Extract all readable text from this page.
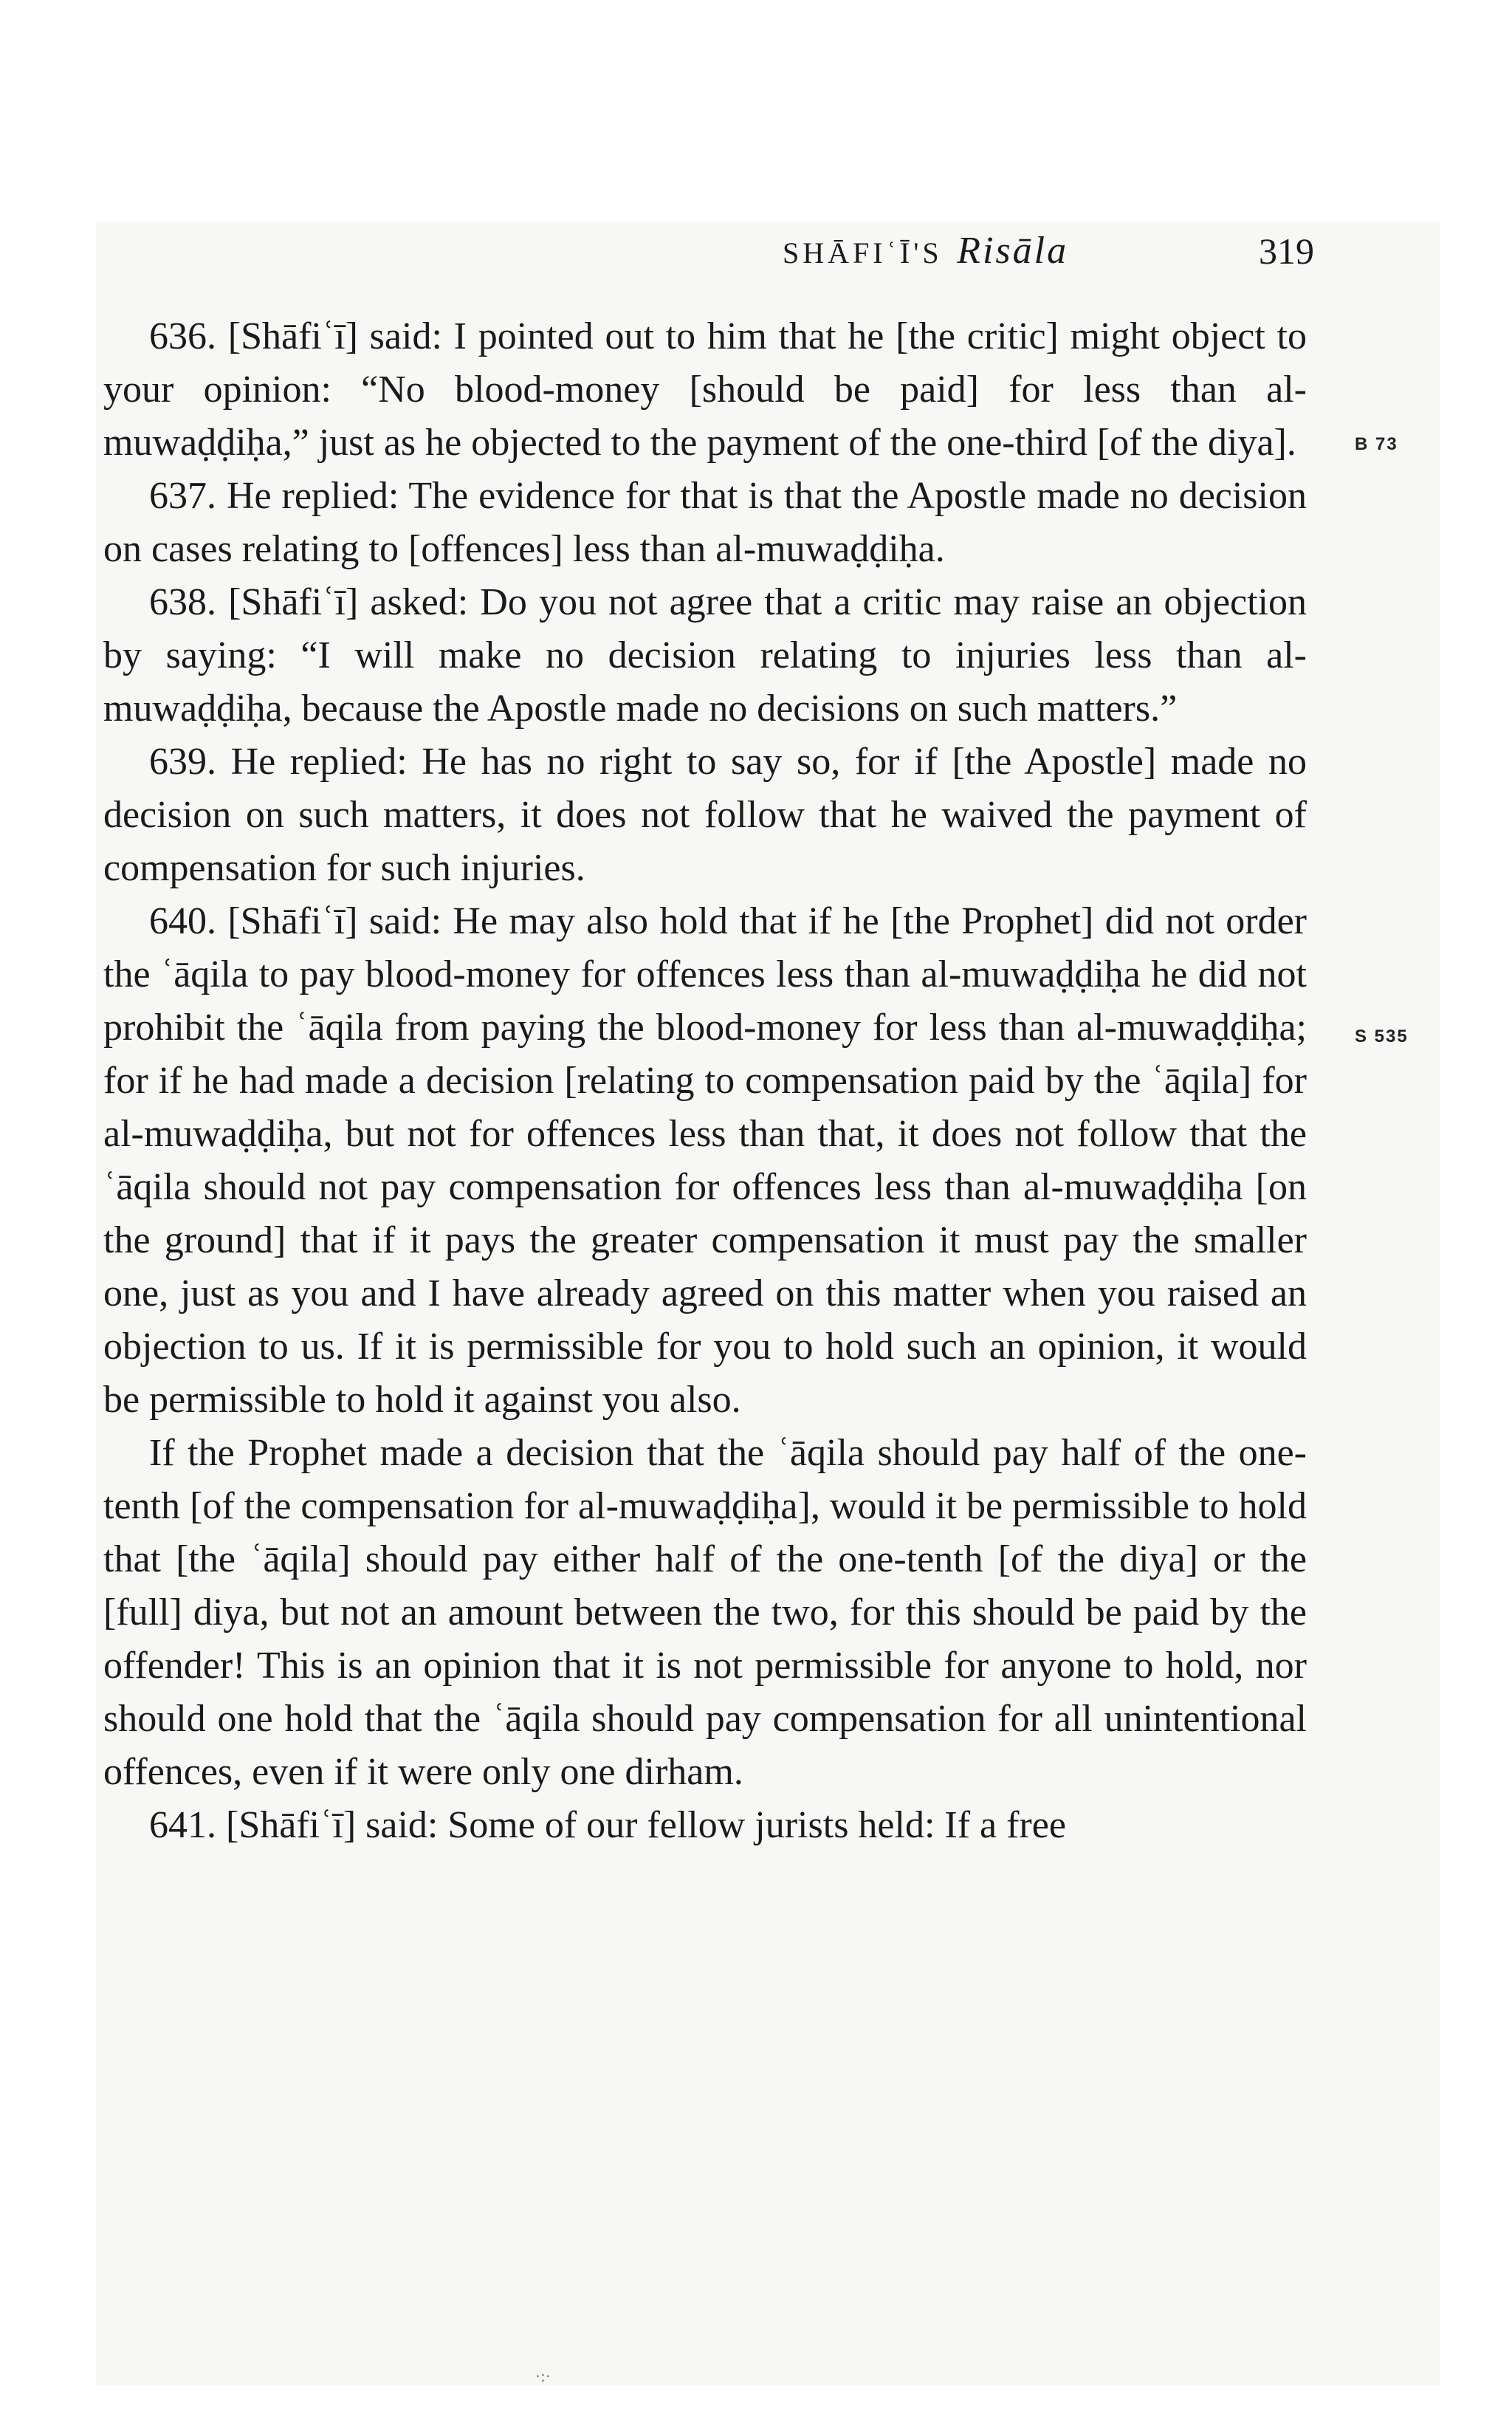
SHĀFIʿĪ'S Risāla	319

636. [Shāfiʿī] said: I pointed out to him that he [the critic] might object to your opinion: “No blood-money [should be paid] for less than al-muwaḍḍiḥa,” just as he objected to the payment of the one-third [of the diya].

637. He replied: The evidence for that is that the Apostle made no decision on cases relating to [offences] less than al-muwaḍḍiḥa.

638. [Shāfiʿī] asked: Do you not agree that a critic may raise an objection by saying: “I will make no decision relating to injuries less than al-muwaḍḍiḥa, because the Apostle made no decisions on such matters.”

639. He replied: He has no right to say so, for if [the Apostle] made no decision on such matters, it does not follow that he waived the payment of compensation for such injuries.

640. [Shāfiʿī] said: He may also hold that if he [the Prophet] did not order the ʿāqila to pay blood-money for offences less than al-muwaḍḍiḥa he did not prohibit the ʿāqila from paying the blood-money for less than al-muwaḍḍiḥa; for if he had made a decision [relating to compensation paid by the ʿāqila] for al-muwaḍḍiḥa, but not for offences less than that, it does not follow that the ʿāqila should not pay compensation for offences less than al-muwaḍḍiḥa [on the ground] that if it pays the greater compensation it must pay the smaller one, just as you and I have already agreed on this matter when you raised an objection to us. If it is permissible for you to hold such an opinion, it would be permissible to hold it against you also.

If the Prophet made a decision that the ʿāqila should pay half of the one-tenth [of the compensation for al-muwaḍḍiḥa], would it be permissible to hold that [the ʿāqila] should pay either half of the one-tenth [of the diya] or the [full] diya, but not an amount between the two, for this should be paid by the offender! This is an opinion that it is not permissible for anyone to hold, nor should one hold that the ʿāqila should pay compensation for all unintentional offences, even if it were only one dirham.

641. [Shāfiʿī] said: Some of our fellow jurists held: If a free

B 73
S 535
·:·
